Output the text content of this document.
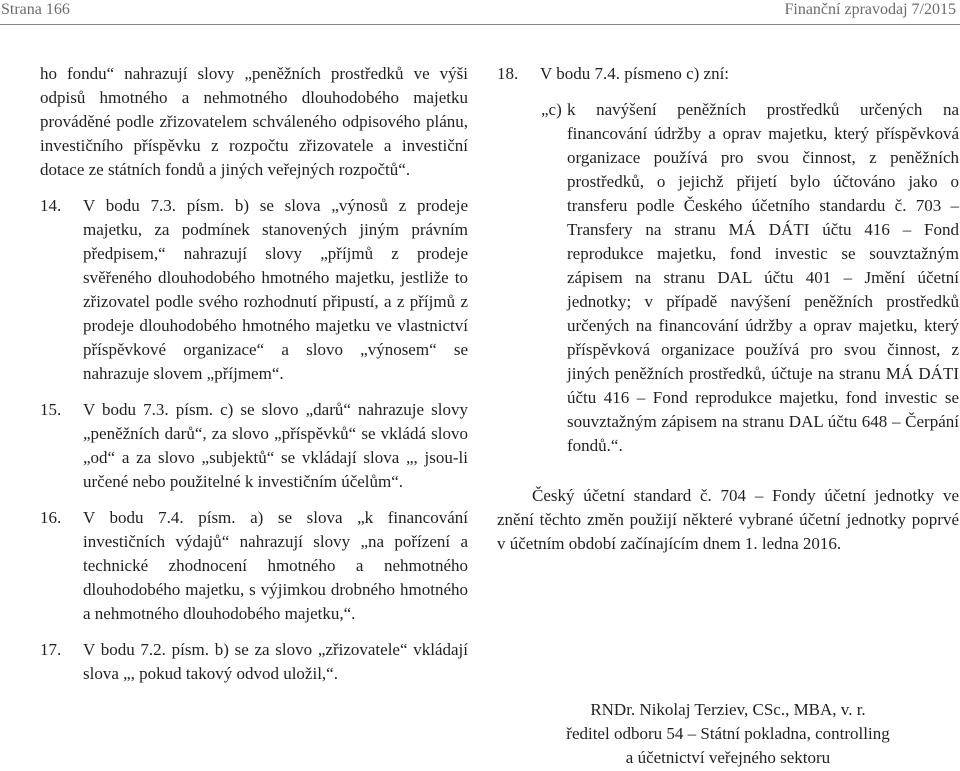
Strana 166	Finanční zpravodaj 7/2015

ho fondu“ nahrazují slovy „peněžních prostředků ve výši odpisů hmotného a nehmotného dlouhodobého majetku prováděné podle zřizovatelem schváleného odpisového plánu, investičního příspěvku z rozpočtu zřizovatele a investiční dotace ze státních fondů a jiných veřejných rozpočtů“.

14. V bodu 7.3. písm. b) se slova „výnosů z prodeje majetku, za podmínek stanovených jiným právním předpisem,“ nahrazují slovy „příjmů z prodeje svěřeného dlouhodobého hmotného majetku, jestliže to zřizovatel podle svého rozhodnutí připustí, a z příjmů z prodeje dlouhodobého hmotného majetku ve vlastnictví příspěvkové organizace“ a slovo „výnosem“ se nahrazuje slovem „příjmem“.

15. V bodu 7.3. písm. c) se slovo „darů“ nahrazuje slovy „peněžních darů“, za slovo „příspěvků“ se vkládá slovo „od“ a za slovo „subjektů“ se vkládají slova „, jsou-li určené nebo použitelné k investičním účelům“.

16. V bodu 7.4. písm. a) se slova „k financování investičních výdajů“ nahrazují slovy „na pořízení a technické zhodnocení hmotného a nehmotného dlouhodobého majetku, s výjimkou drobného hmotného a nehmotného dlouhodobého majetku,“.

17. V bodu 7.2. písm. b) se za slovo „zřizovatele“ vkládají slova „, pokud takový odvod uložil,“.

18. V bodu 7.4. písmeno c) zní:

„c) k navýšení peněžních prostředků určených na financování údržby a oprav majetku, který příspěvková organizace používá pro svou činnost, z peněžních prostředků, o jejichž přijetí bylo účtováno jako o transferu podle Českého účetního standardu č. 703 – Transfery na stranu MÁ DÁTI účtu 416 – Fond reprodukce majetku, fond investic se souvztažným zápisem na stranu DAL účtu 401 – Jmění účetní jednotky; v případě navýšení peněžních prostředků určených na financování údržby a oprav majetku, který příspěvková organizace používá pro svou činnost, z jiných peněžních prostředků, účtuje na stranu MÁ DÁTI účtu 416 – Fond reprodukce majetku, fond investic se souvztažným zápisem na stranu DAL účtu 648 – Čerpání fondů.“.

Český účetní standard č. 704 – Fondy účetní jednotky ve znění těchto změn použijí některé vybrané účetní jednotky poprvé v účetním období začínajícím dnem 1. ledna 2016.

RNDr. Nikolaj Terziev, CSc., MBA, v. r.
ředitel odboru 54 – Státní pokladna, controlling
a účetnictví veřejného sektoru
